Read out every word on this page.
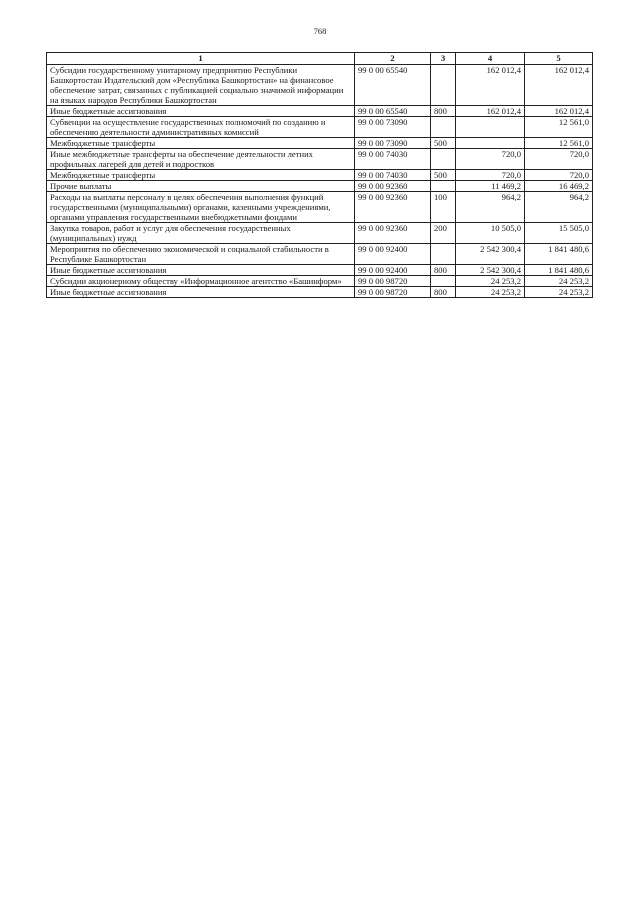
768
1	2	3	4	5
Субсидии государственному унитарному предприятию Республики Башкортостан Издательский дом «Республика Башкортостан» на финансовое обеспечение затрат, связанных с публикацией социально значимой информации на языках народов Республики Башкортостан	99 0 00 65540		162 012,4	162 012,4
Иные бюджетные ассигнования	99 0 00 65540	800	162 012,4	162 012,4
Субвенции на осуществление государственных полномочий по созданию и обеспечению деятельности административных комиссий	99 0 00 73090			12 561,0
Межбюджетные трансферты	99 0 00 73090	500		12 561,0
Иные межбюджетные трансферты на обеспечение деятельности летних профильных лагерей для детей и подростков	99 0 00 74030		720,0	720,0
Межбюджетные трансферты	99 0 00 74030	500	720,0	720,0
Прочие выплаты	99 0 00 92360		11 469,2	16 469,2
Расходы на выплаты персоналу в целях обеспечения выполнения функций государственными (муниципальными) органами, казенными учреждениями, органами управления государственными внебюджетными фондами	99 0 00 92360	100	964,2	964,2
Закупка товаров, работ и услуг для обеспечения государственных (муниципальных) нужд	99 0 00 92360	200	10 505,0	15 505,0
Мероприятия по обеспечению экономической и социальной стабильности в Республике Башкортостан	99 0 00 92400		2 542 300,4	1 841 480,6
Иные бюджетные ассигнования	99 0 00 92400	800	2 542 300,4	1 841 480,6
Субсидии акционерному обществу «Информационное агентство «Башинформ»	99 0 00 98720		24 253,2	24 253,2
Иные бюджетные ассигнования	99 0 00 98720	800	24 253,2	24 253,2
